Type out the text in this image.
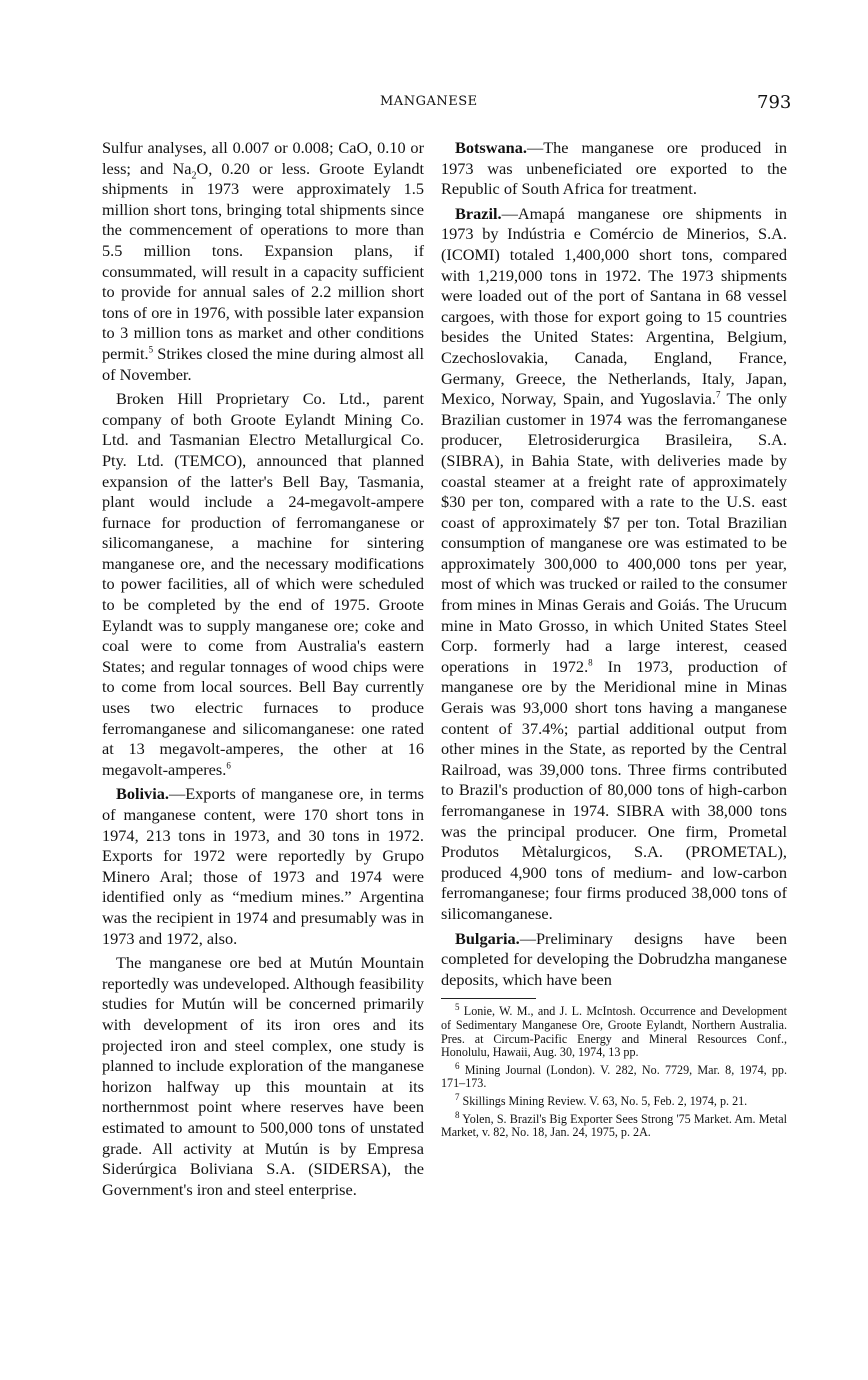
MANGANESE	793

Sulfur analyses, all 0.007 or 0.008; CaO, 0.10 or less; and $Na_2O$, 0.20 or less. Groote Eylandt shipments in 1973 were approximately 1.5 million short tons, bringing total shipments since the commencement of operations to more than 5.5 million tons. Expansion plans, if consummated, will result in a capacity sufficient to provide for annual sales of 2.2 million short tons of ore in 1976, with possible later expansion to 3 million tons as market and other conditions permit.$^5$ Strikes closed the mine during almost all of November.

Broken Hill Proprietary Co. Ltd., parent company of both Groote Eylandt Mining Co. Ltd. and Tasmanian Electro Metallurgical Co. Pty. Ltd. (TEMCO), announced that planned expansion of the latter's Bell Bay, Tasmania, plant would include a 24-megavolt-ampere furnace for production of ferromanganese or silicomanganese, a machine for sintering manganese ore, and the necessary modifications to power facilities, all of which were scheduled to be completed by the end of 1975. Groote Eylandt was to supply manganese ore; coke and coal were to come from Australia's eastern States; and regular tonnages of wood chips were to come from local sources. Bell Bay currently uses two electric furnaces to produce ferromanganese and silicomanganese: one rated at 13 megavolt-amperes, the other at 16 megavolt-amperes.$^6$

Bolivia.—Exports of manganese ore, in terms of manganese content, were 170 short tons in 1974, 213 tons in 1973, and 30 tons in 1972. Exports for 1972 were reportedly by Grupo Minero Aral; those of 1973 and 1974 were identified only as “medium mines.” Argentina was the recipient in 1974 and presumably was in 1973 and 1972, also.

The manganese ore bed at Mutún Mountain reportedly was undeveloped. Although feasibility studies for Mutún will be concerned primarily with development of its iron ores and its projected iron and steel complex, one study is planned to include exploration of the manganese horizon halfway up this mountain at its northernmost point where reserves have been estimated to amount to 500,000 tons of unstated grade. All activity at Mutún is by Empresa Siderúrgica Boliviana S.A. (SIDERSA), the Government's iron and steel enterprise.

Botswana.—The manganese ore produced in 1973 was unbeneficiated ore exported to the Republic of South Africa for treatment.

Brazil.—Amapá manganese ore shipments in 1973 by Indústria e Comércio de Minerios, S.A. (ICOMI) totaled 1,400,000 short tons, compared with 1,219,000 tons in 1972. The 1973 shipments were loaded out of the port of Santana in 68 vessel cargoes, with those for export going to 15 countries besides the United States: Argentina, Belgium, Czechoslovakia, Canada, England, France, Germany, Greece, the Netherlands, Italy, Japan, Mexico, Norway, Spain, and Yugoslavia.$^7$ The only Brazilian customer in 1974 was the ferromanganese producer, Eletrosiderurgica Brasileira, S.A. (SIBRA), in Bahia State, with deliveries made by coastal steamer at a freight rate of approximately $30 per ton, compared with a rate to the U.S. east coast of approximately $7 per ton. Total Brazilian consumption of manganese ore was estimated to be approximately 300,000 to 400,000 tons per year, most of which was trucked or railed to the consumer from mines in Minas Gerais and Goiás. The Urucum mine in Mato Grosso, in which United States Steel Corp. formerly had a large interest, ceased operations in 1972.$^8$ In 1973, production of manganese ore by the Meridional mine in Minas Gerais was 93,000 short tons having a manganese content of 37.4%; partial additional output from other mines in the State, as reported by the Central Railroad, was 39,000 tons. Three firms contributed to Brazil's production of 80,000 tons of high-carbon ferromanganese in 1974. SIBRA with 38,000 tons was the principal producer. One firm, Prometal Produtos Mètalurgicos, S.A. (PROMETAL), produced 4,900 tons of medium- and low-carbon ferromanganese; four firms produced 38,000 tons of silicomanganese.

Bulgaria.—Preliminary designs have been completed for developing the Dobrudzha manganese deposits, which have been

$^5$ Lonie, W. M., and J. L. McIntosh. Occurrence and Development of Sedimentary Manganese Ore, Groote Eylandt, Northern Australia. Pres. at Circum-Pacific Energy and Mineral Resources Conf., Honolulu, Hawaii, Aug. 30, 1974, 13 pp.

$^6$ Mining Journal (London). V. 282, No. 7729, Mar. 8, 1974, pp. 171–173.

$^7$ Skillings Mining Review. V. 63, No. 5, Feb. 2, 1974, p. 21.

$^8$ Yolen, S. Brazil's Big Exporter Sees Strong '75 Market. Am. Metal Market, v. 82, No. 18, Jan. 24, 1975, p. 2A.
